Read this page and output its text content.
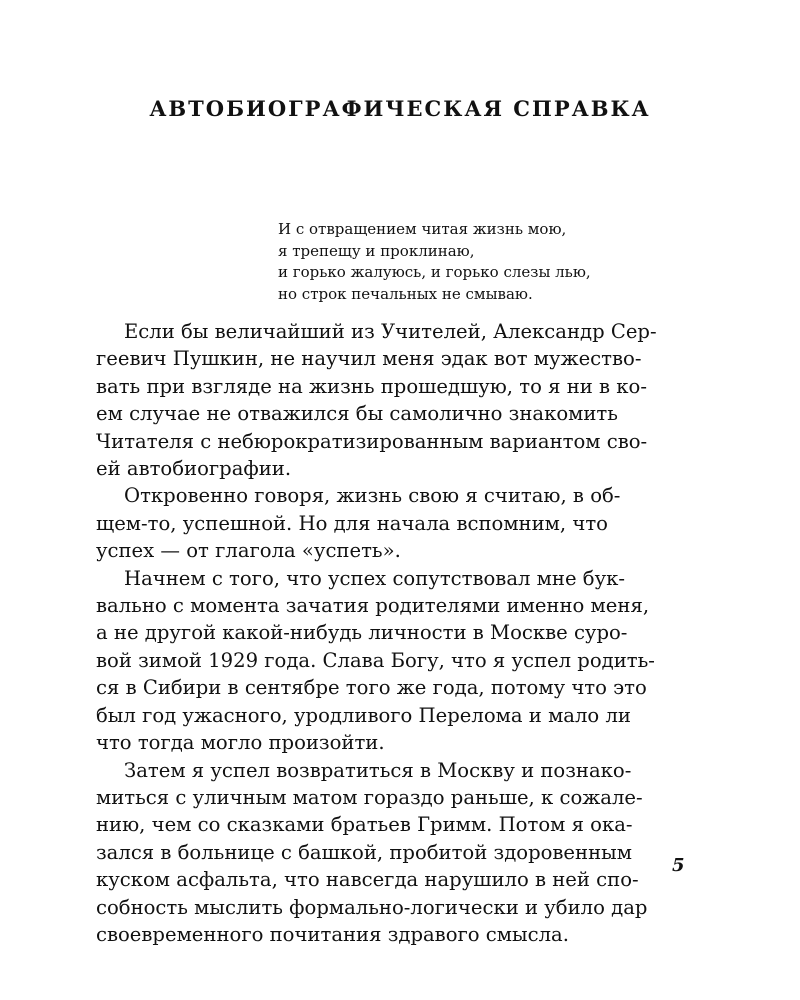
АВТОБИОГРАФИЧЕСКАЯ СПРАВКА
И с отвращением читая жизнь мою,
я трепещу и проклинаю,
и горько жалуюсь, и горько слезы лью,
но строк печальных не смываю.
Если бы величайший из Учителей, Александр Сер-
геевич Пушкин, не научил меня эдак вот мужество-
вать при взгляде на жизнь прошедшую, то я ни в ко-
ем случае не отважился бы самолично знакомить
Читателя с небюрократизированным вариантом сво-
ей автобиографии.
Откровенно говоря, жизнь свою я считаю, в об-
щем-то, успешной. Но для начала вспомним, что
успех — от глагола «успеть».
Начнем с того, что успех сопутствовал мне бук-
вально с момента зачатия родителями именно меня,
а не другой какой-нибудь личности в Москве суро-
вой зимой 1929 года. Слава Богу, что я успел родить-
ся в Сибири в сентябре того же года, потому что это
был год ужасного, уродливого Перелома и мало ли
что тогда могло произойти.
Затем я успел возвратиться в Москву и познако-
миться с уличным матом гораздо раньше, к сожале-
нию, чем со сказками братьев Гримм. Потом я ока-
зался в больнице с башкой, пробитой здоровенным
куском асфальта, что навсегда нарушило в ней спо-
собность мыслить формально-логически и убило дар
своевременного почитания здравого смысла.
5
